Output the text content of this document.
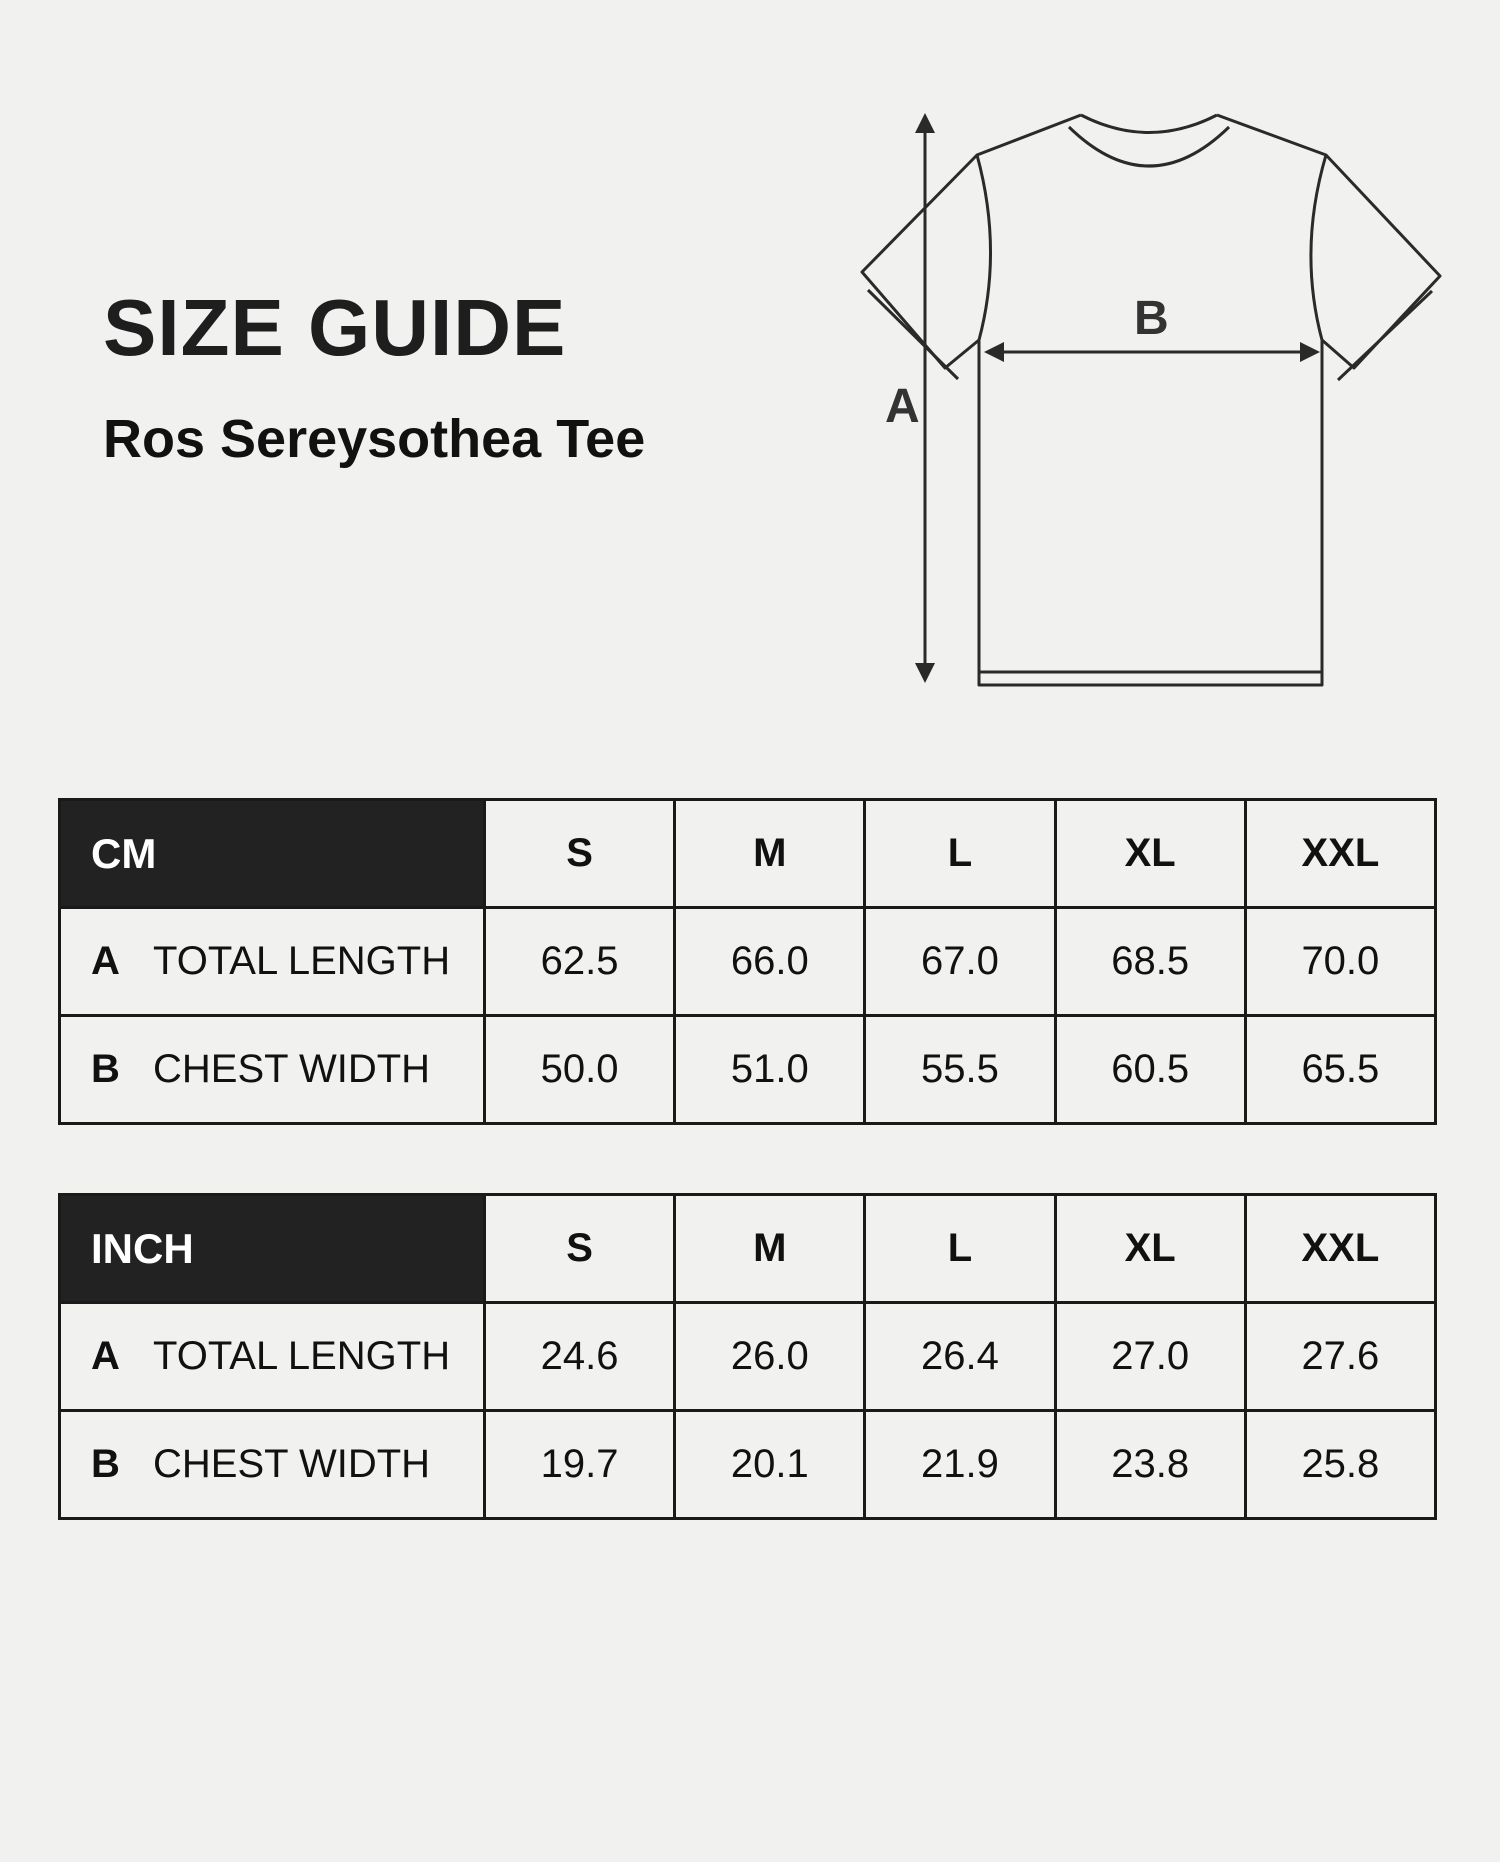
SIZE GUIDE
Ros Sereysothea Tee
A
B
CM	S	M	L	XL	XXL
A TOTAL LENGTH	62.5	66.0	67.0	68.5	70.0
B CHEST WIDTH	50.0	51.0	55.5	60.5	65.5
INCH	S	M	L	XL	XXL
A TOTAL LENGTH	24.6	26.0	26.4	27.0	27.6
B CHEST WIDTH	19.7	20.1	21.9	23.8	25.8
